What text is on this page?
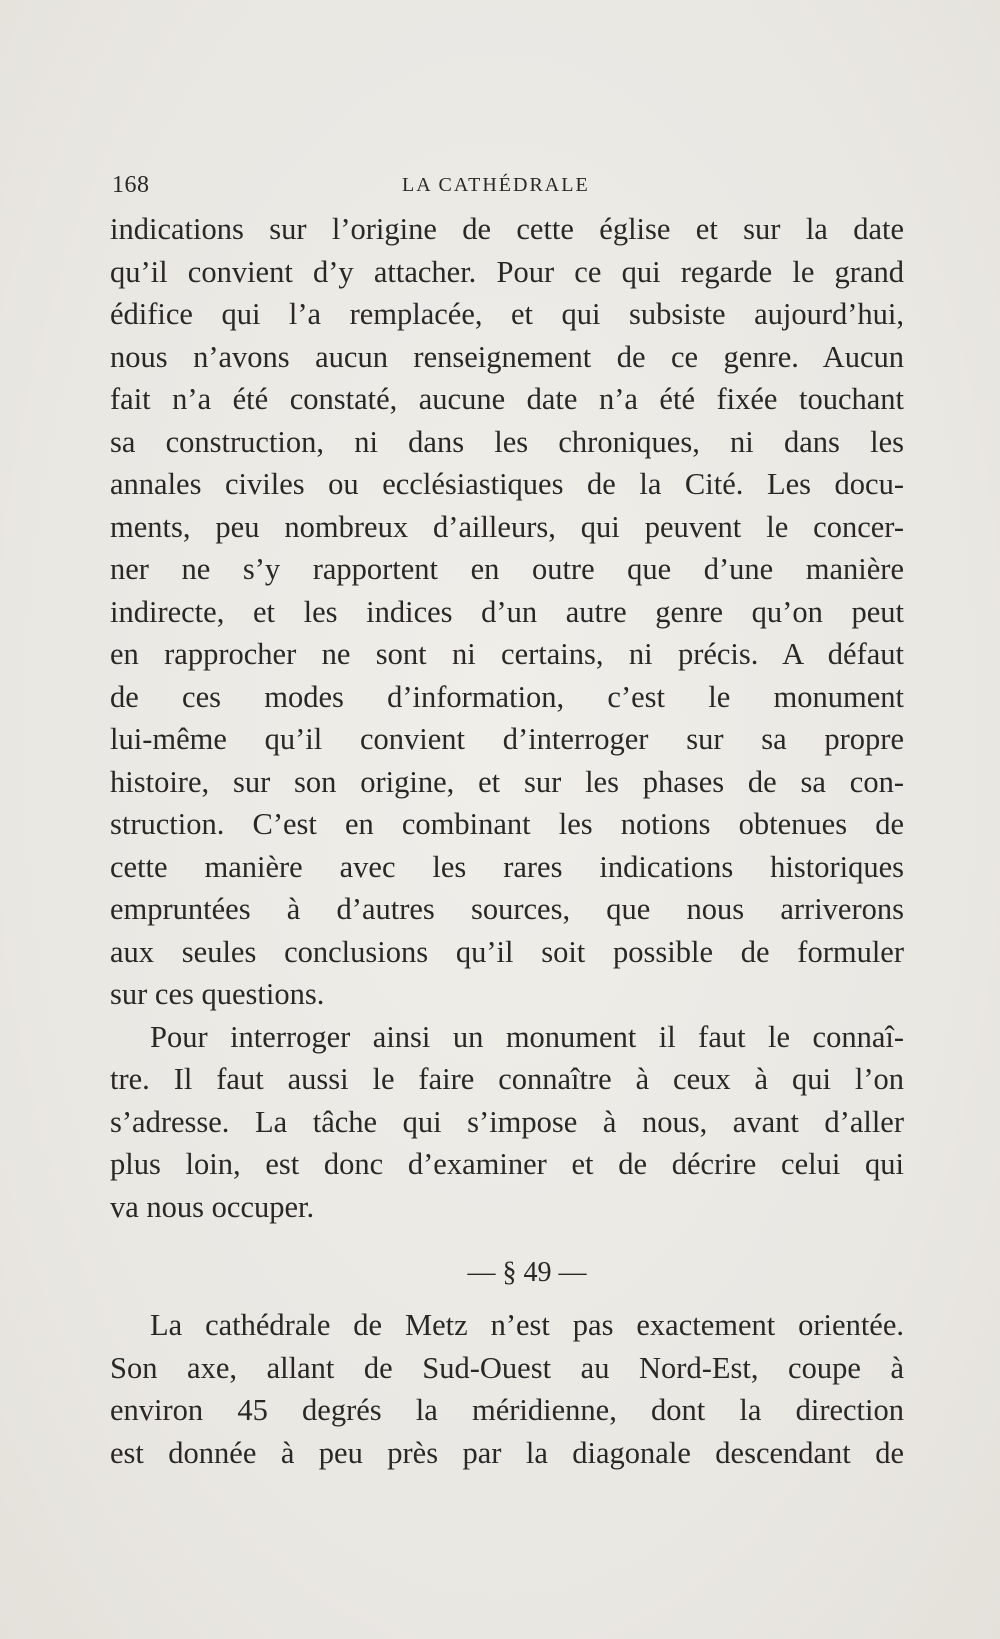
168	LA CATHÉDRALE
indications sur l’origine de cette église et sur la date
qu’il convient d’y attacher. Pour ce qui regarde le grand
édifice qui l’a remplacée, et qui subsiste aujourd’hui,
nous n’avons aucun renseignement de ce genre. Aucun
fait n’a été constaté, aucune date n’a été fixée touchant
sa construction, ni dans les chroniques, ni dans les
annales civiles ou ecclésiastiques de la Cité. Les docu-
ments, peu nombreux d’ailleurs, qui peuvent le concer-
ner ne s’y rapportent en outre que d’une manière
indirecte, et les indices d’un autre genre qu’on peut
en rapprocher ne sont ni certains, ni précis. A défaut
de ces modes d’information, c’est le monument
lui-même qu’il convient d’interroger sur sa propre
histoire, sur son origine, et sur les phases de sa con-
struction. C’est en combinant les notions obtenues de
cette manière avec les rares indications historiques
empruntées à d’autres sources, que nous arriverons
aux seules conclusions qu’il soit possible de formuler
sur ces questions.
Pour interroger ainsi un monument il faut le connaî-
tre. Il faut aussi le faire connaître à ceux à qui l’on
s’adresse. La tâche qui s’impose à nous, avant d’aller
plus loin, est donc d’examiner et de décrire celui qui
va nous occuper.
— § 49 —
La cathédrale de Metz n’est pas exactement orientée.
Son axe, allant de Sud-Ouest au Nord-Est, coupe à
environ 45 degrés la méridienne, dont la direction
est donnée à peu près par la diagonale descendant de
